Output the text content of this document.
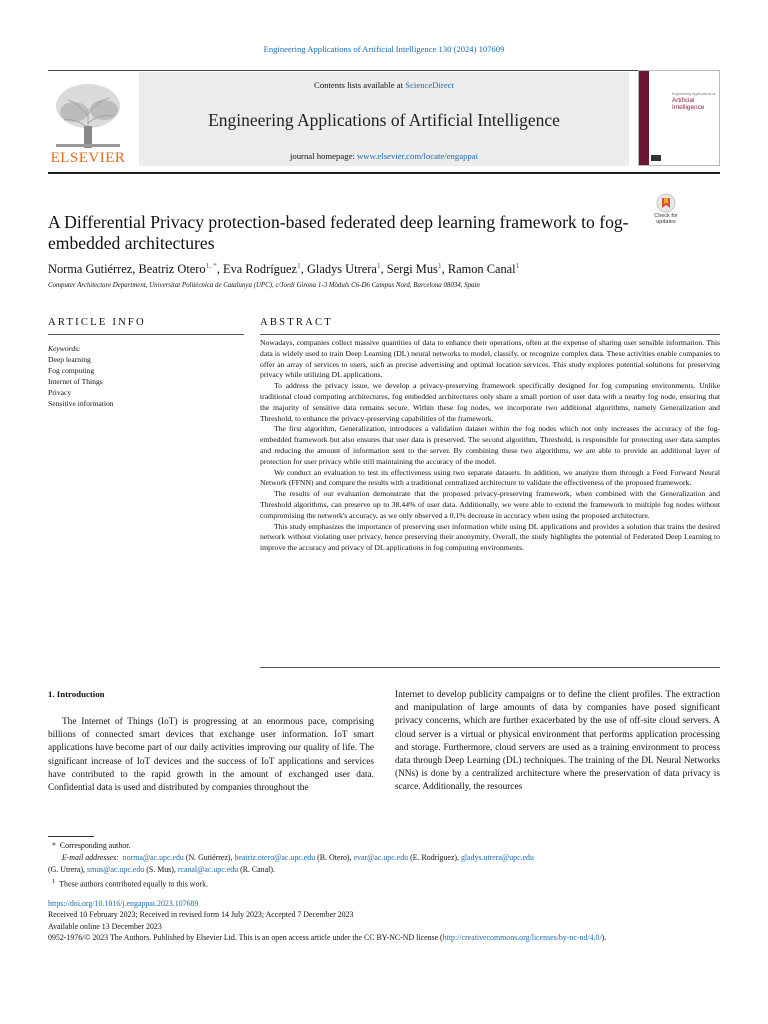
Engineering Applications of Artificial Intelligence 130 (2024) 107609
ELSEVIER
Contents lists available at ScienceDirect
Engineering Applications of Artificial Intelligence
journal homepage: www.elsevier.com/locate/engappai
Engineering Applications of
Artificial Intelligence
Check for updates
A Differential Privacy protection-based federated deep learning framework to fog-embedded architectures
Norma Gutiérrez, Beatriz Otero$^{1, *}$, Eva Rodríguez$^1$, Gladys Utrera$^1$, Sergi Mus$^1$, Ramon Canal$^1$
Computer Architecture Department, Universitat Politècnica de Catalunya (UPC), c/Jordi Girona 1-3 Mòduls C6-D6 Campus Nord, Barcelona 08034, Spain
ARTICLE INFO	ABSTRACT
Keywords:
Deep learning
Fog computing
Internet of Things
Privacy
Sensitive information

Nowadays, companies collect massive quantities of data to enhance their operations, often at the expense of sharing user sensible information. This data is widely used to train Deep Learning (DL) neural networks to model, classify, or recognize complex data. These activities enable companies to offer an array of services to users, such as precise advertising and optimal location services. This study explores potential solutions for preserving privacy while utilizing DL applications.

To address the privacy issue, we develop a privacy-preserving framework specifically designed for fog computing environments. Unlike traditional cloud computing architectures, fog embedded architectures only share a small portion of user data with a nearby fog node, ensuring that the majority of sensitive data remains secure. Within these fog nodes, we incorporate two additional algorithms, namely Generalization and Threshold, to enhance the privacy-preserving capabilities of the framework.

The first algorithm, Generalization, introduces a validation dataset within the fog nodes which not only increases the accuracy of the fog-embedded framework but also ensures that user data is preserved. The second algorithm, Threshold, is responsible for protecting user data samples and reducing the amount of information sent to the server. By combining these two algorithms, we are able to provide an additional layer of protection for user privacy while still maintaining the accuracy of the model.

We conduct an evaluation to test its effectiveness using two separate datasets. In addition, we analyze them through a Feed Forward Neural Network (FFNN) and compare the results with a traditional centralized architecture to validate the effectiveness of the proposed framework.

The results of our evaluation demonstrate that the proposed privacy-preserving framework, when combined with the Generalization and Threshold algorithms, can preserve up to 38.44% of user data. Additionally, we were able to extend the framework to multiple fog nodes without compromising the network's accuracy, as we only observed a 0.1% decrease in accuracy when using the proposed architecture.

This study emphasizes the importance of preserving user information while using DL applications and provides a solution that trains the desired network without violating user privacy, hence preserving their anonymity. Overall, the study highlights the potential of Federated Deep Learning to improve the accuracy and privacy of DL applications in fog computing environments.

1. Introduction
The Internet of Things (IoT) is progressing at an enormous pace, comprising billions of connected smart devices that exchange user information. IoT smart applications have become part of our daily activities improving our quality of life. The significant increase of IoT devices and the success of IoT applications and services have contributed to the rapid growth in the amount of exchanged user data. Confidential data is used and distributed by companies throughout the
Internet to develop publicity campaigns or to define the client profiles. The extraction and manipulation of large amounts of data by companies have posed significant privacy concerns, which are further exacerbated by the use of off-site cloud servers. A cloud server is a virtual or physical environment that performs application processing and storage. Furthermore, cloud servers are used as a training environment to process data through Deep Learning (DL) techniques. The training of the DL Neural Networks (NNs) is done by a centralized architecture where the preservation of data privacy is scarce. Additionally, the resources
* Corresponding author.
E-mail addresses: norma@ac.upc.edu (N. Gutiérrez), beatriz.otero@ac.upc.edu (B. Otero), evar@ac.upc.edu (E. Rodríguez), gladys.utrera@upc.edu
(G. Utrera), smus@ac.upc.edu (S. Mus), rcanal@ac.upc.edu (R. Canal).
$^1$ These authors contributed equally to this work.
https://doi.org/10.1016/j.engappai.2023.107689
Received 10 February 2023; Received in revised form 14 July 2023; Accepted 7 December 2023
Available online 13 December 2023
0952-1976/© 2023 The Authors. Published by Elsevier Ltd. This is an open access article under the CC BY-NC-ND license (http://creativecommons.org/licenses/by-nc-nd/4.0/).
